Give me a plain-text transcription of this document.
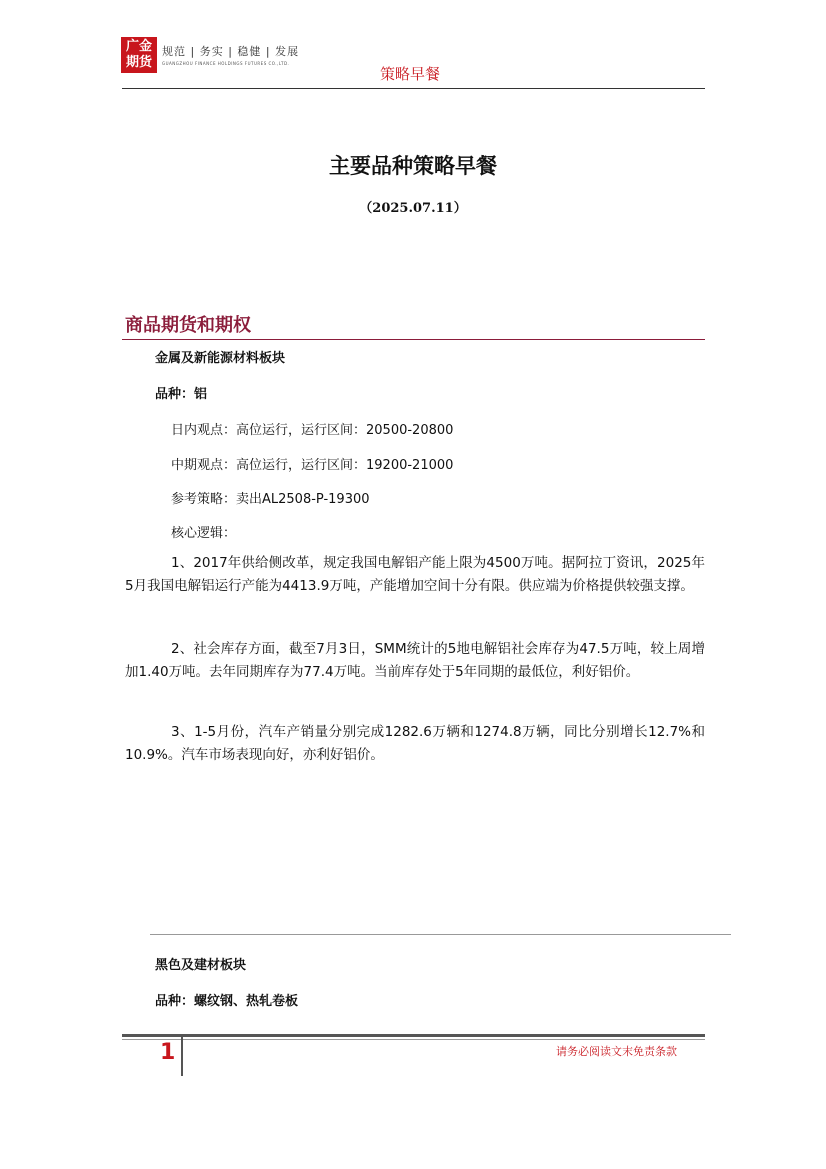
广金期货
规范 | 务实 | 稳健 | 发展
GUANGZHOU FINANCE HOLDINGS FUTURES CO.,LTD.
策略早餐
主要品种策略早餐
（2025.07.11）
商品期货和期权
金属及新能源材料板块
品种：铝
日内观点：高位运行，运行区间：20500-20800
中期观点：高位运行，运行区间：19200-21000
参考策略：卖出AL2508-P-19300
核心逻辑：

1、2017年供给侧改革，规定我国电解铝产能上限为4500万吨。据阿拉丁资讯，2025年5月我国电解铝运行产能为4413.9万吨，产能增加空间十分有限。供应端为价格提供较强支撑。

2、社会库存方面，截至7月3日，SMM统计的5地电解铝社会库存为47.5万吨，较上周增加1.40万吨。去年同期库存为77.4万吨。当前库存处于5年同期的最低位，利好铝价。

3、1-5月份，汽车产销量分别完成1282.6万辆和1274.8万辆，同比分别增长12.7%和10.9%。汽车市场表现向好，亦利好铝价。

黑色及建材板块
品种：螺纹钢、热轧卷板
1	请务必阅读文末免责条款
